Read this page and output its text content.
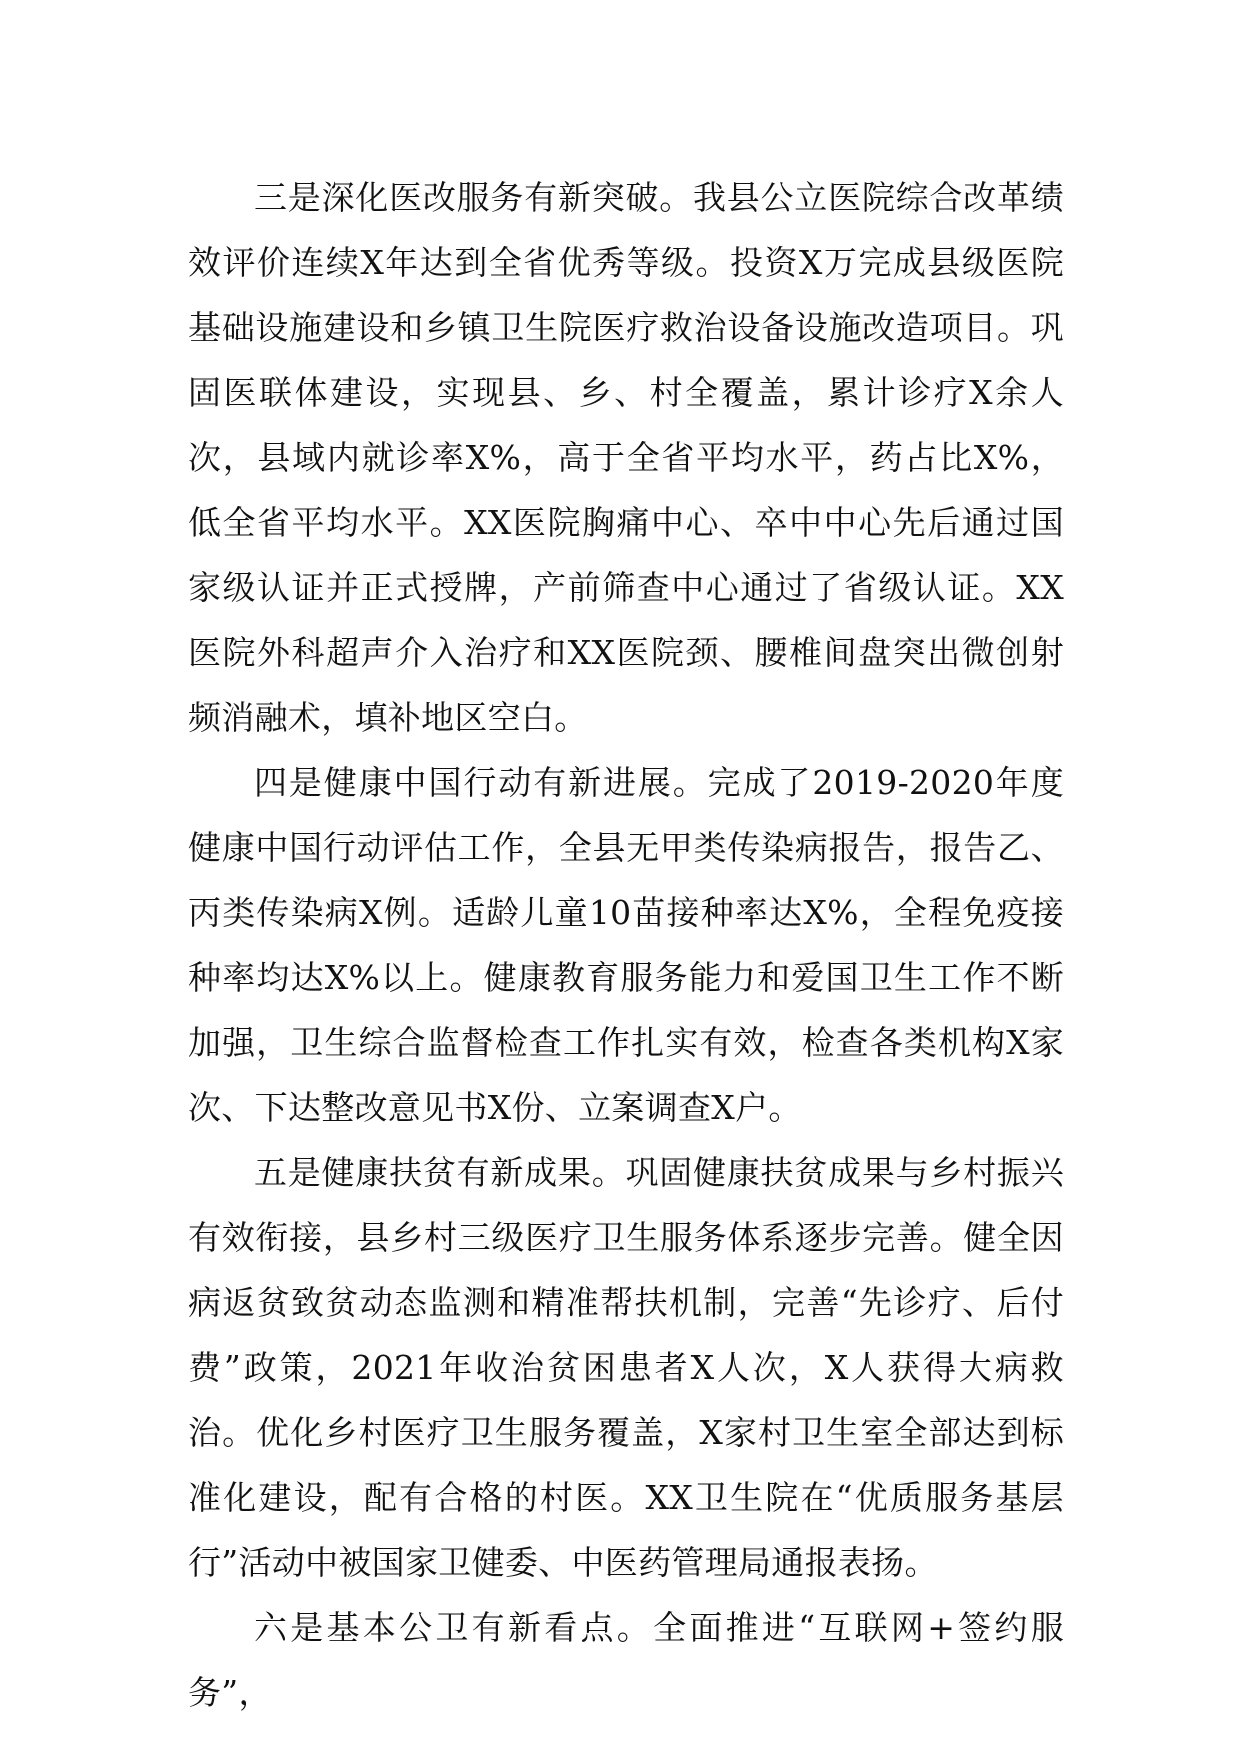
三是深化医改服务有新突破。我县公立医院综合改革绩效评价连续X年达到全省优秀等级。投资X万完成县级医院基础设施建设和乡镇卫生院医疗救治设备设施改造项目。巩固医联体建设，实现县、乡、村全覆盖，累计诊疗X余人次，县域内就诊率X%，高于全省平均水平，药占比X%，低全省平均水平。XX医院胸痛中心、卒中中心先后通过国家级认证并正式授牌，产前筛查中心通过了省级认证。XX医院外科超声介入治疗和XX医院颈、腰椎间盘突出微创射频消融术，填补地区空白。

四是健康中国行动有新进展。完成了2019-2020年度健康中国行动评估工作，全县无甲类传染病报告，报告乙、丙类传染病X例。适龄儿童10苗接种率达X%，全程免疫接种率均达X%以上。健康教育服务能力和爱国卫生工作不断加强，卫生综合监督检查工作扎实有效，检查各类机构X家次、下达整改意见书X份、立案调查X户。

五是健康扶贫有新成果。巩固健康扶贫成果与乡村振兴有效衔接，县乡村三级医疗卫生服务体系逐步完善。健全因病返贫致贫动态监测和精准帮扶机制，完善“先诊疗、后付费”政策，2021年收治贫困患者X人次，X人获得大病救治。优化乡村医疗卫生服务覆盖，X家村卫生室全部达到标准化建设，配有合格的村医。XX卫生院在“优质服务基层行”活动中被国家卫健委、中医药管理局通报表扬。

六是基本公卫有新看点。全面推进“互联网+签约服务”，
